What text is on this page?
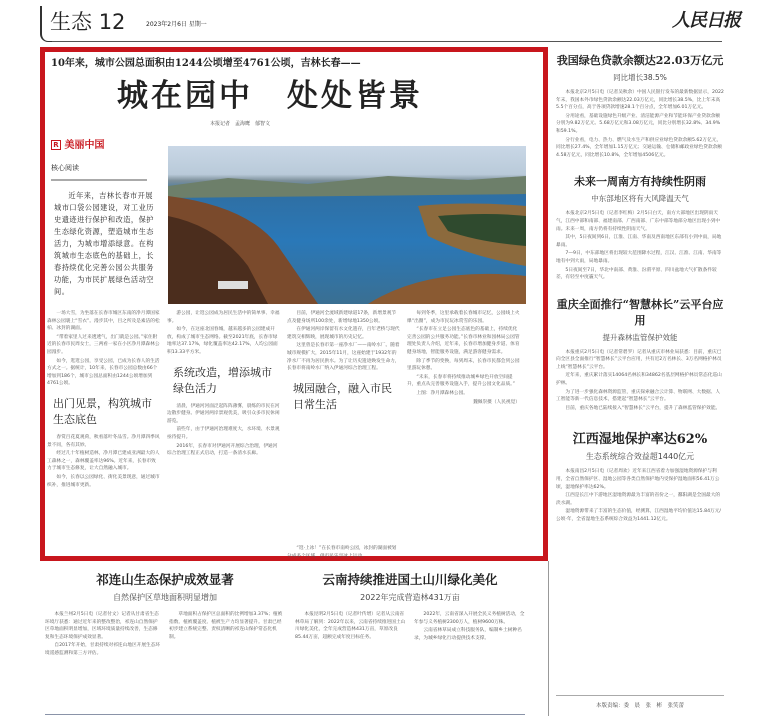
生态 12	2023年2月6日 星期一	人民日报
10年来，城市公园总面积由1244公顷增至4761公顷，吉林长春——
城在园中　处处皆景
本报记者　孟海鹰　郁智文
R 美丽中国
核心阅读
近年来，吉林长春市开展城市口袋公园建设，对工业历史遗迹进行保护和改造，保护生态绿化资源，塑造城市生态活力，为城市增添绿意。在构筑城市生态底色的基础上，长春持续优化完善公园公共服务功能，为市民扩展绿色活动空间。

一场大雪，为坐落在长春市城区东南的净月潭国家森林公园裹上“雪衣”。漫步其中，目之所及是素洁的松柏、冰封的湖面。

“带着家里人过来透透气，出门就是公园。”家住附近的长春市民周女士，三两看一家在小区净月潭森林公园漫步。

如今，逛逛公园，享受公园，已成为长春人的生活方式之一。据统计，10年来，长春市公园总数由66个增加到186个，城市公园总面积由1244公顷增加到4761公顷。

出门见景，构筑城市生态底色

春赏百花夏观荷，秋看落叶冬品雪。净月潭四季风景不同，各有其妙。

经过几十年植树造林，净月潭已建成亚洲最大的人工森林之一，森林覆盖率达96%。近年来，长春市致力于城市生态修复，让大自然融入城市。

如今，长春以公园绿化、街化美景现意，通过城市织补，推进城市更新。

游公园，让逛公园成为居民生活中的简单事、幸福事。

如今，在这座北国春城，越来越多的公园建成开放，构成了城市生态网络。截至2021年底，长春市绿地率达37.17%，绿化覆盖率达42.17%，人均公园面积13.33平方米。

系统改造，增添城市绿色活力

清晨，伊通河河面泛起阵阵薄雾，晨练的市民在河边散步健身。伊通河两岸景观优美，吸引众多市民休闲游览。

前些年，由于伊通河治理难度大，水环境、水景观亟待提升。

2016年，长春市对伊通河开展综合治理，伊通河综合治理工程正式启动，打造一条清水长廊。

目前，伊通河全流域新建绿道17条，新增景观节点及健身场所100余处，新增绿地1350公顷。

在伊通河两岸保留有水文化遗存，百年老桥与现代建筑交相辉映，展现城市的历史记忆。

这里曾是长春市第一座净水厂——南岭水厂。随着城市规模扩大，2015年11月，这座始建于1932年的净水厂不再为居民供水。为了让历史遗迹焕发生命力，长春市将南岭水厂纳入伊通河综合治理工程。

城园融合，融入市民日常生活

每到冬季，这里承载着长春城市记忆，公园线上火爆“出圈”，成为市民玩冰赏雪的乐园。

“长春市在立足公园生态底色的基础上，持续优化完善公园的公共服务功能。”长春市林业和园林局公园管理处负责人介绍，近年来，长春市增加健身步道、体育健身场地，智能服务设施，满足游客健身需求。

除了季节的变换，每到周末，长春市民都会到公园里游玩休憩。

“未来，长春市将持续推动城乡绿色开放空间提升，重点从完善服务设施入手，提升公园文化品质。”

上图：净月潭森林公园。

魏佩崇摄（人民视觉）

“逛·上冰！”在长春市南岭公园，冰封的湖面被划分成多个区域，供市民乐享冰上运动。
我国绿色贷款余额达22.03万亿元
同比增长38.5%

本报北京2月5日电（记者吴秋余）中国人民银行发布的最新数据显示，2022年末，我国本外币绿色贷款余额达22.03万亿元，同比增长38.5%，比上年末高5.5个百分点，高于各项贷款增速28.1个百分点，全年增加6.01万亿元。

分用途看，基础设施绿色升级产业、清洁能源产业和节能环保产业贷款余额分别为9.82万亿元、5.68万亿元和3.08万亿元，同比分别增长32.8%、34.9%和59.1%。

分行业看，电力、热力、燃气及水生产和供应业绿色贷款余额5.62万亿元，同比增长27.4%，全年增加1.15万亿元；交通运输、仓储和邮政业绿色贷款余额4.58万亿元，同比增长10.8%，全年增加4506亿元。

未来一周南方有持续性阴雨
中东部地区将有大风降温天气

本报北京2月5日电（记者李红梅）2月5日白天，南方大部地区出现阴雨天气，江西中部和南部、福建南部、广西南部、广东中部等地部分地区出现小到中雨。未来一周，南方仍将有持续性阴雨天气。

其中，5日夜间到6日，江淮、江南、华南及西南地区东部有小到中雨，局地暴雨。

7—9日，中东部地区将出现较大范围降水过程，江汉、江淮、江南、华南等地有中到大雨，局地暴雨。

5日夜间至7日，华北中南部、黄淮、汾渭平原、四川盆地大气扩散条件较差，有轻至中度霾天气。

重庆全面推行“智慧林长”云平台应用
提升森林监管保护效能

本报重庆2月5日电（记者常碧罗）记者从重庆市林业局获悉：目前，重庆已向全区县全面推行“智慧林长”云平台应用，共有近2万名林长、3万名网格护林员上线“智慧林长”云平台。

近年来，重庆累计落实14064名林长和34862名基层网格护林员常态化巡山护林。

为了进一步强化森林资源监管，重庆探索融合云计算、物联网、大数据、人工智能等新一代信息技术，搭建起“智慧林长”云平台。

目前，重庆各地已陆续接入“智慧林长”云平台，提升了森林监管保护效能。

江西湿地保护率达62%
生态系统综合效益超1440亿元

本报南昌2月5日电（记者周欢）近年来江西省着力加强湿地资源保护与利用，全省自然保护区、湿地公园等各类自然保护地内受保护湿地面积56.41万公顷，湿地保护率达62%。

江西是长江中下游地区湿地资源最为丰富的省份之一，鄱阳湖是全国最大的淡水湖。

湿地资源带来了丰富的生态价值，经测算，江西湿地平均价值达15.84万元/公顷·年，全省湿地生态系统综合效益为1441.12亿元。

本版责编：娄　晨　张　彬　张笑蕾
祁连山生态保护成效显著
自然保护区草地面积明显增加

本报兰州2月5日电（记者付文）记者从甘肃省生态环境厅获悉：通过近年来的整改整治，祁连山自然保护区草地面积明显增加，区域环境质量持续改善，生态修复和生态环境保护成效显著。

自2017年开始，甘肃持续对祁连山地区开展生态环境遥感监测和第三方评估。

草地面积占保护区总面积的比例增加3.37%；植被指数、植被覆盖度、植被生产力均显著提升。甘肃已经初步建立系统完整、责权清晰的祁连山保护常态化机制。

云南持续推进国土山川绿化美化
2022年完成营造林431万亩

本报昆明2月5日电（记者叶传增）记者从云南省林草局了解到：2022年以来，云南省持续推进国土山川绿化美化，全年完成营造林431万亩，草原改良85.44万亩，超额完成年度目标任务。

2022年，云南省深入开展全民义务植树活动，全年参与义务植树2300万人，植树9600万株。

云南省林草局成立科技服务队，编制乡土树种名录，为城乡绿化行动提供技术支撑。
